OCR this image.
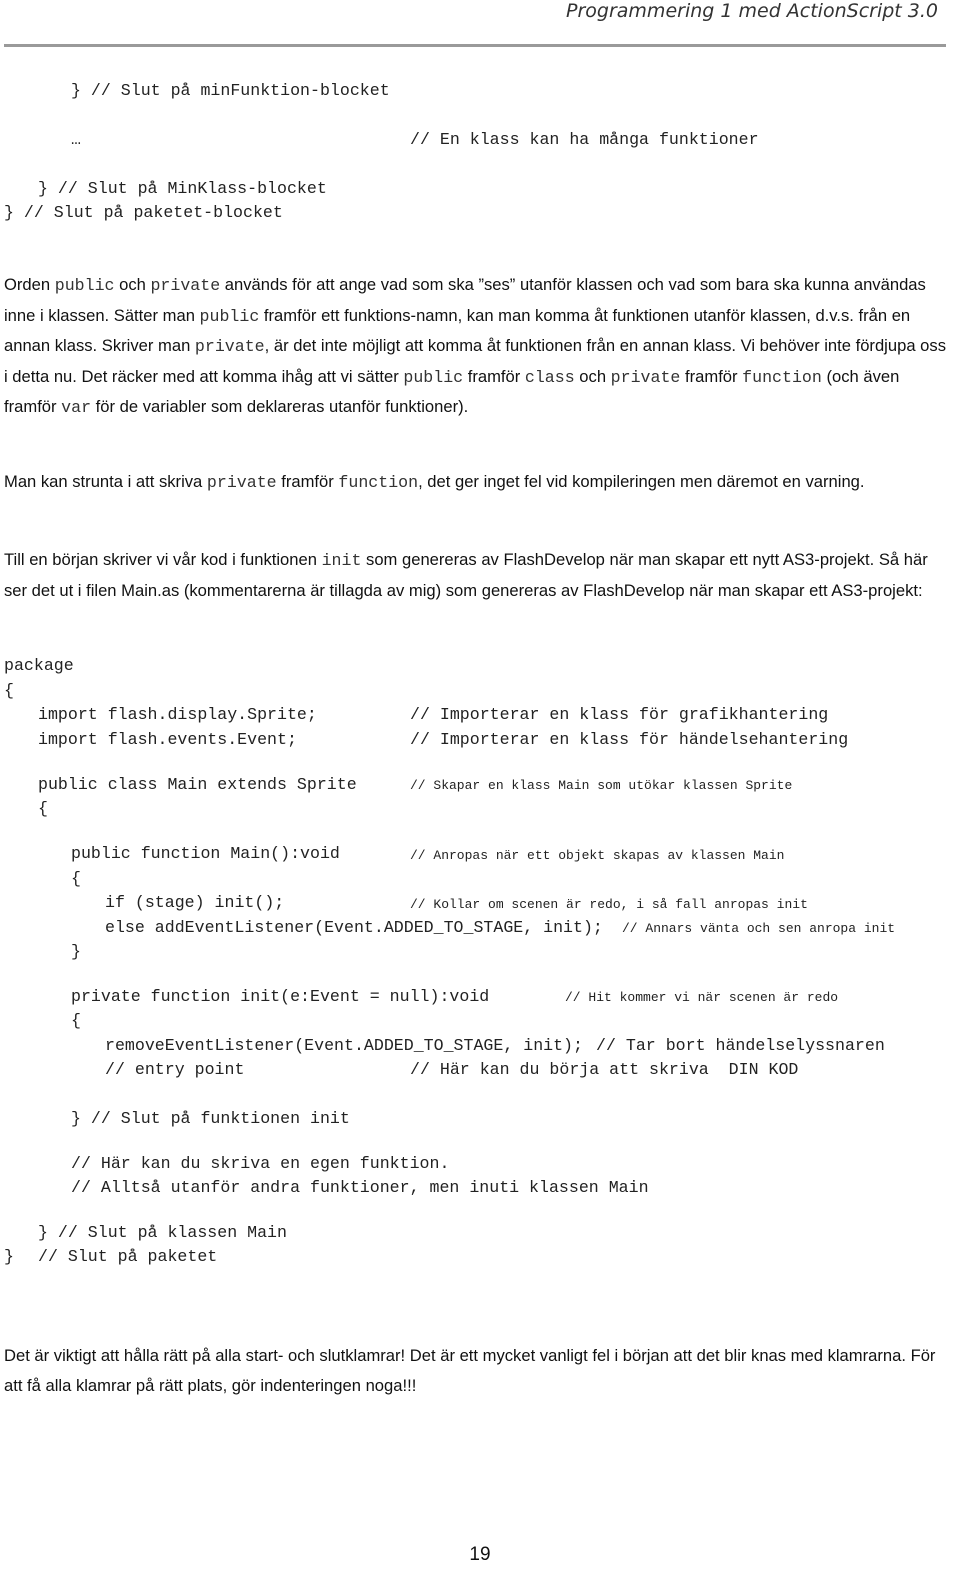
Programmering 1 med ActionScript 3.0
} // Slut på minFunktion-blocket
…	// En klass kan ha många funktioner
} // Slut på MinKlass-blocket
} // Slut på paketet-blocket
Orden public och private används för att ange vad som ska ”ses” utanför klassen och vad som bara ska kunna användas inne i klassen. Sätter man public framför ett funktions-namn, kan man komma åt funktionen utanför klassen, d.v.s. från en annan klass. Skriver man private, är det inte möjligt att komma åt funktionen från en annan klass. Vi behöver inte fördjupa oss i detta nu. Det räcker med att komma ihåg att vi sätter public framför class och private framför function (och även framför var för de variabler som deklareras utanför funktioner).
Man kan strunta i att skriva private framför function, det ger inget fel vid kompileringen men däremot en varning.
Till en början skriver vi vår kod i funktionen init som genereras av FlashDevelop när man skapar ett nytt AS3-projekt. Så här ser det ut i filen Main.as (kommentarerna är tillagda av mig) som genereras av FlashDevelop när man skapar ett AS3-projekt:
package
{
import flash.display.Sprite;	// Importerar en klass för grafikhantering
import flash.events.Event;	// Importerar en klass för händelsehantering
public class Main extends Sprite	// Skapar en klass Main som utökar klassen Sprite
{
public function Main():void	// Anropas när ett objekt skapas av klassen Main
{
if (stage) init();	// Kollar om scenen är redo, i så fall anropas init
else addEventListener(Event.ADDED_TO_STAGE, init); // Annars vänta och sen anropa init
}
private function init(e:Event = null):void	// Hit kommer vi när scenen är redo
{
removeEventListener(Event.ADDED_TO_STAGE, init); // Tar bort händelselyssnaren
// entry point	// Här kan du börja att skriva  DIN KOD
} // Slut på funktionen init
// Här kan du skriva en egen funktion.
// Alltså utanför andra funktioner, men inuti klassen Main
} // Slut på klassen Main
} // Slut på paketet
Det är viktigt att hålla rätt på alla start- och slutklamrar! Det är ett mycket vanligt fel i början att det blir knas med klamrarna. För att få alla klamrar på rätt plats, gör indenteringen noga!!!
19
